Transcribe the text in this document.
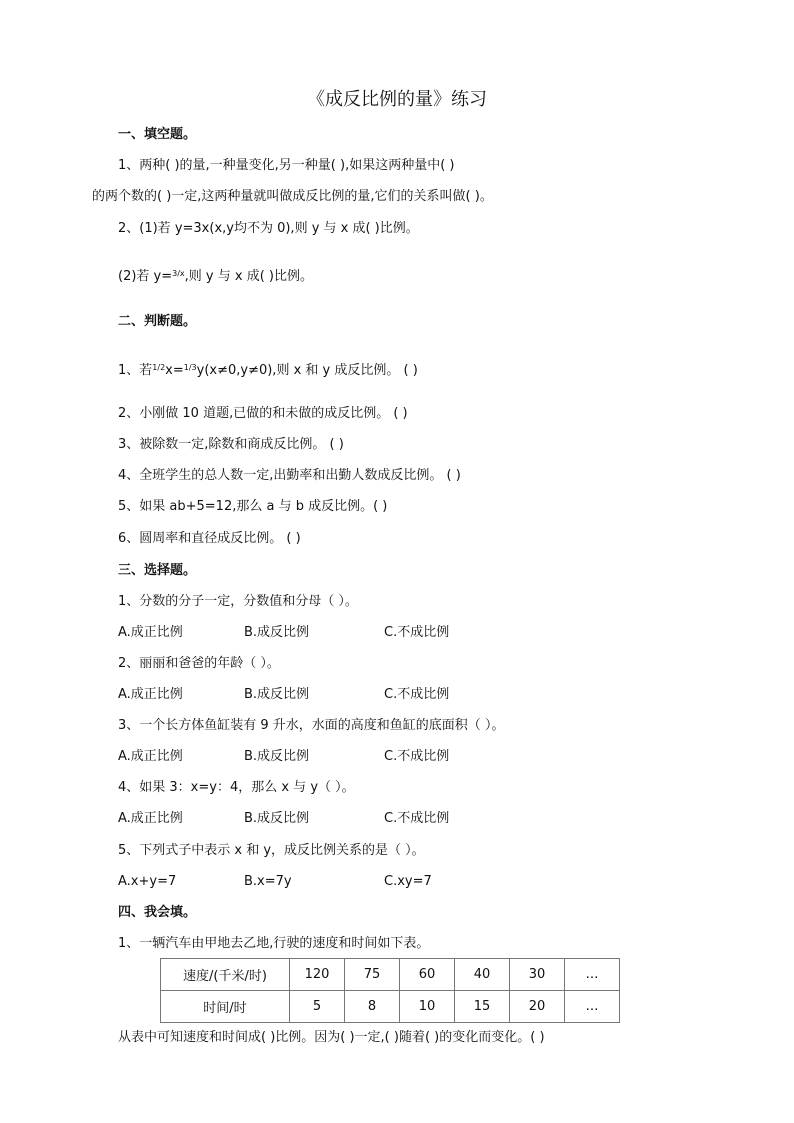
《成反比例的量》练习
一、填空题。
1、两种( )的量,一种量变化,另一种量( ),如果这两种量中( )
的两个数的( )一定,这两种量就叫做成反比例的量,它们的关系叫做( )。
2、(1)若 y=3x(x,y均不为 0),则 y 与 x 成( )比例。
(2)若 y=$^{3/x}$,则 y 与 x 成( )比例。
二、判断题。
1、若$^{1/2}$x=$^{1/3}$y(x≠0,y≠0),则 x 和 y 成反比例。 ( )
2、小刚做 10 道题,已做的和未做的成反比例。 ( )
3、被除数一定,除数和商成反比例。 ( )
4、全班学生的总人数一定,出勤率和出勤人数成反比例。 ( )
5、如果 ab+5=12,那么 a 与 b 成反比例。( )
6、圆周率和直径成反比例。 ( )
三、选择题。
1、分数的分子一定，分数值和分母（ ）。
A.成正比例	B.成反比例	C.不成比例
2、丽丽和爸爸的年龄（ ）。
A.成正比例	B.成反比例	C.不成比例
3、一个长方体鱼缸装有 9 升水，水面的高度和鱼缸的底面积（ ）。
A.成正比例	B.成反比例	C.不成比例
4、如果 3：x=y：4，那么 x 与 y（ ）。
A.成正比例	B.成反比例	C.不成比例
5、下列式子中表示 x 和 y，成反比例关系的是（ ）。
A.x+y=7	B.x=7y	C.xy=7
四、我会填。
1、一辆汽车由甲地去乙地,行驶的速度和时间如下表。
速度/(千米/时)	120	75	60	40	30	…
时间/时	5	8	10	15	20	…
从表中可知速度和时间成( )比例。因为( )一定,( )随着( )的变化而变化。( )
